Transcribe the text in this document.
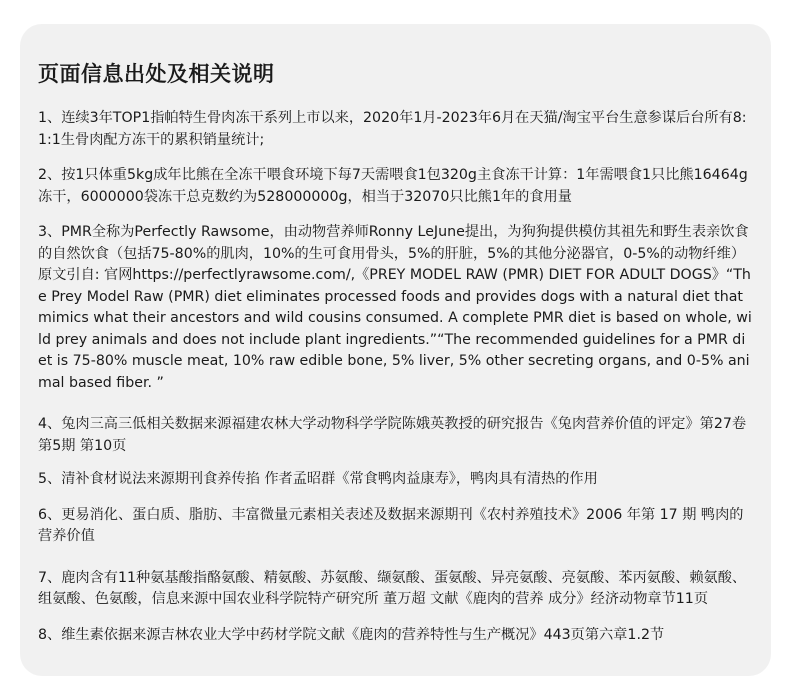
页面信息出处及相关说明

1、连续3年TOP1指帕特生骨肉冻干系列上市以来，2020年1月-2023年6月在天猫/淘宝平台生意参谋后台所有8:1:1生骨肉配方冻干的累积销量统计;

2、按1只体重5kg成年比熊在全冻干喂食环境下每7天需喂食1包320g主食冻干计算：1年需喂食1只比熊16464g冻干，6000000袋冻干总克数约为528000000g，相当于32070只比熊1年的食用量

3、PMR全称为Perfectly Rawsome，由动物营养师Ronny LeJune提出，为狗狗提供模仿其祖先和野生表亲饮食的自然饮食（包括75-80%的肌肉，10%的生可食用骨头，5%的肝脏，5%的其他分泌器官，0-5%的动物纤维）原文引自: 官网https://perfectlyrawsome.com/,《PREY MODEL RAW (PMR) DIET FOR ADULT DOGS》“The Prey Model Raw (PMR) diet eliminates processed foods and provides dogs with a natural diet that mimics what their ancestors and wild cousins consumed. A complete PMR diet is based on whole, wild prey animals and does not include plant ingredients.”“The recommended guidelines for a PMR diet is 75-80% muscle meat, 10% raw edible bone, 5% liver, 5% other secreting organs, and 0-5% animal based fiber. ”

4、兔肉三高三低相关数据来源福建农林大学动物科学学院陈娥英教授的研究报告《兔肉营养价值的评定》第27卷 第5期 第10页

5、清补食材说法来源期刊食养传掐 作者孟昭群《常食鸭肉益康寿》，鸭肉具有清热的作用

6、更易消化、蛋白质、脂肪、丰富微量元素相关表述及数据来源期刊《农村养殖技术》2006 年第 17 期 鸭肉的营养价值

7、鹿肉含有11种氨基酸指酪氨酸、精氨酸、苏氨酸、缬氨酸、蛋氨酸、异亮氨酸、亮氨酸、苯丙氨酸、赖氨酸、组氨酸、色氨酸，信息来源中国农业科学院特产研究所 董万超 文献《鹿肉的营养 成分》经济动物章节11页

8、维生素依据来源吉林农业大学中药材学院文献《鹿肉的营养特性与生产概况》443页第六章1.2节
